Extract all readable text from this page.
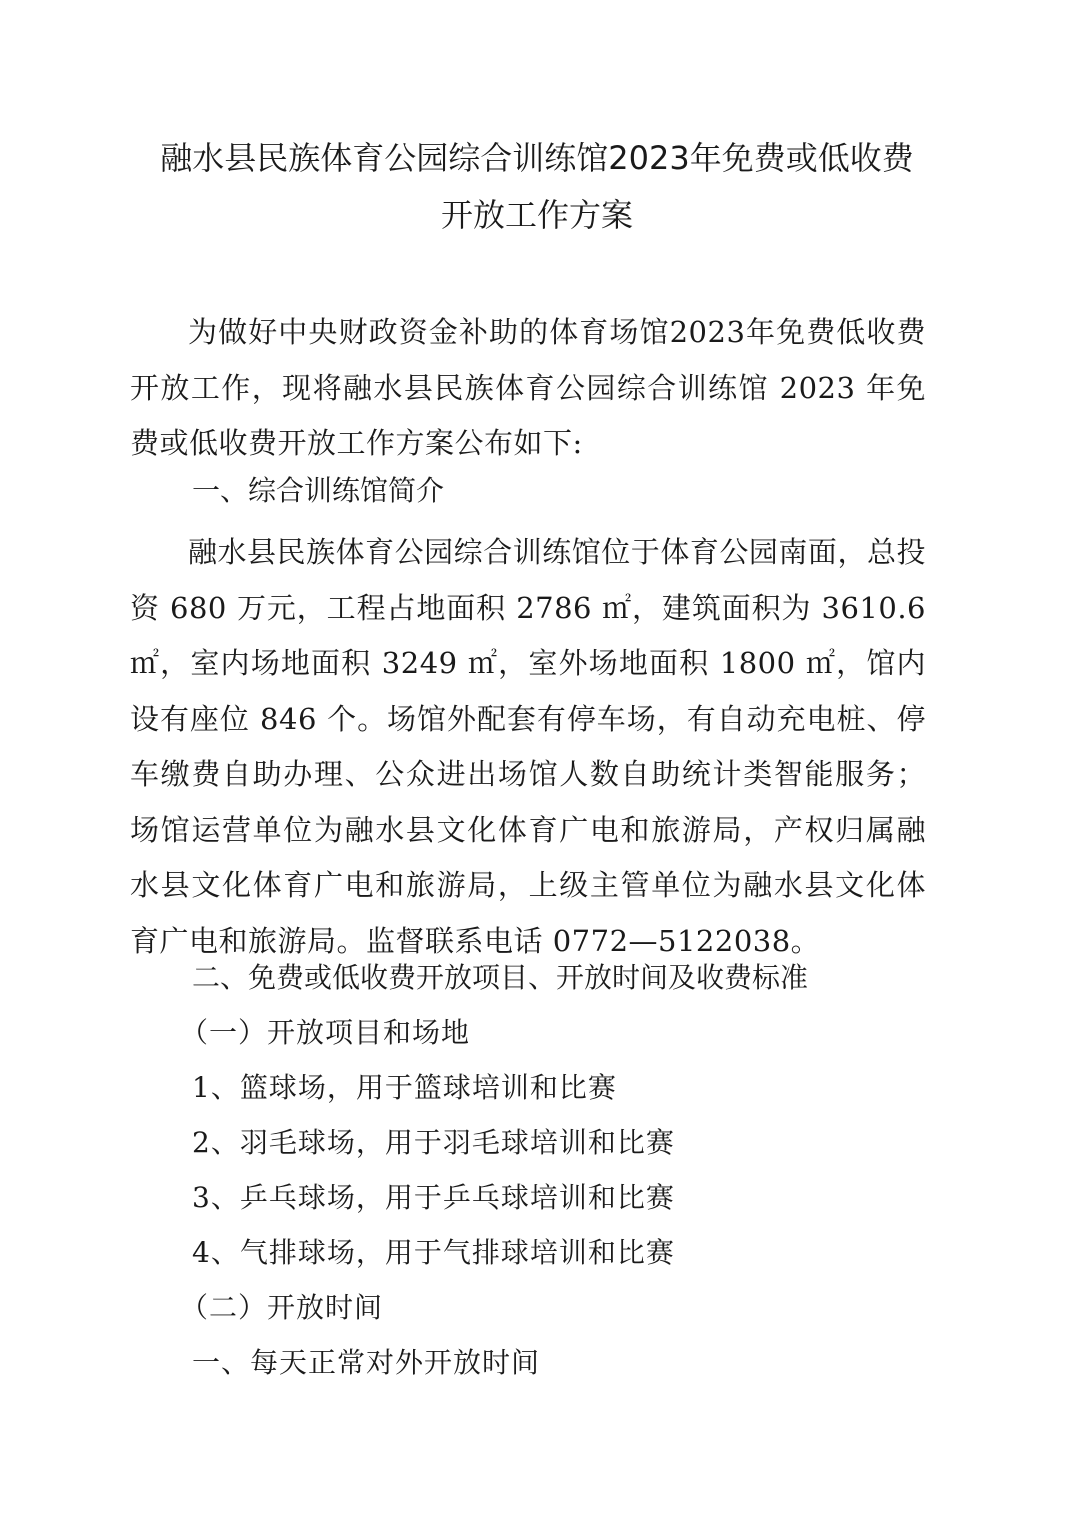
融水县民族体育公园综合训练馆2023年免费或低收费
开放工作方案
为做好中央财政资金补助的体育场馆2023年免费低收费开放工作，现将融水县民族体育公园综合训练馆 2023 年免费或低收费开放工作方案公布如下:
一、综合训练馆简介
融水县民族体育公园综合训练馆位于体育公园南面，总投资 680 万元，工程占地面积 2786 ㎡，建筑面积为 3610.6 ㎡，室内场地面积 3249 ㎡，室外场地面积 1800 ㎡，馆内设有座位 846 个。场馆外配套有停车场，有自动充电桩、停车缴费自助办理、公众进出场馆人数自助统计类智能服务；场馆运营单位为融水县文化体育广电和旅游局，产权归属融水县文化体育广电和旅游局，上级主管单位为融水县文化体育广电和旅游局。监督联系电话 0772—5122038。
二、免费或低收费开放项目、开放时间及收费标准
（一）开放项目和场地
1、篮球场，用于篮球培训和比赛
2、羽毛球场，用于羽毛球培训和比赛
3、乒乓球场，用于乒乓球培训和比赛
4、气排球场，用于气排球培训和比赛
（二）开放时间
一、每天正常对外开放时间
